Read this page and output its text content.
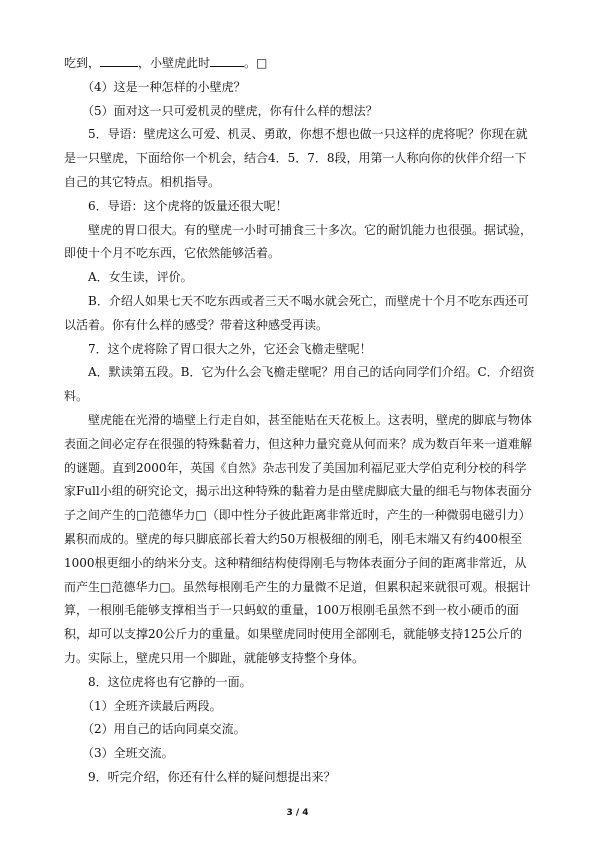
吃到，	，小壁虎此时	。□

（4）这是一种怎样的小壁虎？

（5）面对这一只可爱机灵的壁虎，你有什么样的想法？

5．导语：壁虎这么可爱、机灵、勇敢，你想不想也做一只这样的虎将呢？你现在就是一只壁虎，下面给你一个机会，结合4．5．7．8段，用第一人称向你的伙伴介绍一下自己的其它特点。相机指导。

6．导语：这个虎将的饭量还很大呢！

壁虎的胃口很大。有的壁虎一小时可捕食三十多次。它的耐饥能力也很强。据试验，即使十个月不吃东西，它依然能够活着。

A．女生读，评价。

B．介绍人如果七天不吃东西或者三天不喝水就会死亡，而壁虎十个月不吃东西还可以活着。你有什么样的感受？带着这种感受再读。

7．这个虎将除了胃口很大之外，它还会飞檐走壁呢！

A．默读第五段。B．它为什么会飞檐走壁呢？用自己的话向同学们介绍。C．介绍资料。

壁虎能在光滑的墙壁上行走自如，甚至能贴在天花板上。这表明，壁虎的脚底与物体表面之间必定存在很强的特殊黏着力，但这种力量究竟从何而来？成为数百年来一道难解的谜题。直到2000年，英国《自然》杂志刊发了美国加利福尼亚大学伯克利分校的科学家Full小组的研究论文，揭示出这种特殊的黏着力是由壁虎脚底大量的细毛与物体表面分子之间产生的□范德华力□（即中性分子彼此距离非常近时，产生的一种微弱电磁引力）累积而成的。壁虎的每只脚底部长着大约50万根极细的刚毛，刚毛末端又有约400根至1000根更细小的纳米分支。这种精细结构使得刚毛与物体表面分子间的距离非常近，从而产生□范德华力□。虽然每根刚毛产生的力量微不足道，但累积起来就很可观。根据计算，一根刚毛能够支撑相当于一只蚂蚁的重量，100万根刚毛虽然不到一枚小硬币的面积，却可以支撑20公斤力的重量。如果壁虎同时使用全部刚毛，就能够支持125公斤的力。实际上，壁虎只用一个脚趾，就能够支持整个身体。

8．这位虎将也有它静的一面。

（1）全班齐读最后两段。

（2）用自己的话向同桌交流。

（3）全班交流。

9．听完介绍，你还有什么样的疑问想提出来？

3 / 4
